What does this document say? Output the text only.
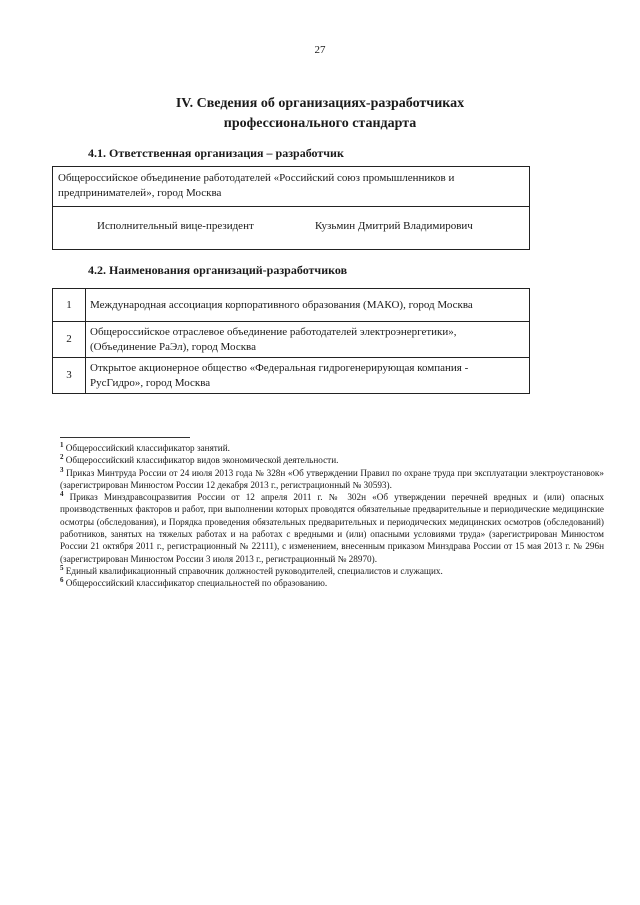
27
IV. Сведения об организациях-разработчиках
профессионального стандарта
4.1. Ответственная организация – разработчик
Общероссийское объединение работодателей «Российский союз промышленников и
предпринимателей», город Москва
Исполнительный вице-президент	Кузьмин Дмитрий Владимирович
4.2. Наименования организаций-разработчиков
1	Международная ассоциация корпоративного образования (МАКО), город Москва

2	Общероссийское отраслевое объединение работодателей электроэнергетики»,
(Объединение РаЭл), город Москва

3	Открытое акционерное общество «Федеральная гидрогенерирующая компания -
РусГидро», город Москва

$^1$ Общероссийский классификатор занятий.

$^2$ Общероссийский классификатор видов экономической деятельности.

$^3$ Приказ Минтруда России от 24 июля 2013 года № 328н «Об утверждении Правил по охране труда при эксплуатации электроустановок» (зарегистрирован Минюстом России 12 декабря 2013 г., регистрационный № 30593).

$^4$ Приказ Минздравсоцразвития России от 12 апреля 2011 г. № 302н «Об утверждении перечней вредных и (или) опасных производственных факторов и работ, при выполнении которых проводятся обязательные предварительные и периодические медицинские осмотры (обследования), и Порядка проведения обязательных предварительных и периодических медицинских осмотров (обследований) работников, занятых на тяжелых работах и на работах с вредными и (или) опасными условиями труда» (зарегистрирован Минюстом России 21 октября 2011 г., регистрационный № 22111), с изменением, внесенным приказом Минздрава России от 15 мая 2013 г. № 296н (зарегистрирован Минюстом России 3 июля 2013 г., регистрационный № 28970).

$^5$ Единый квалификационный справочник должностей руководителей, специалистов и служащих.

$^6$ Общероссийский классификатор специальностей по образованию.
